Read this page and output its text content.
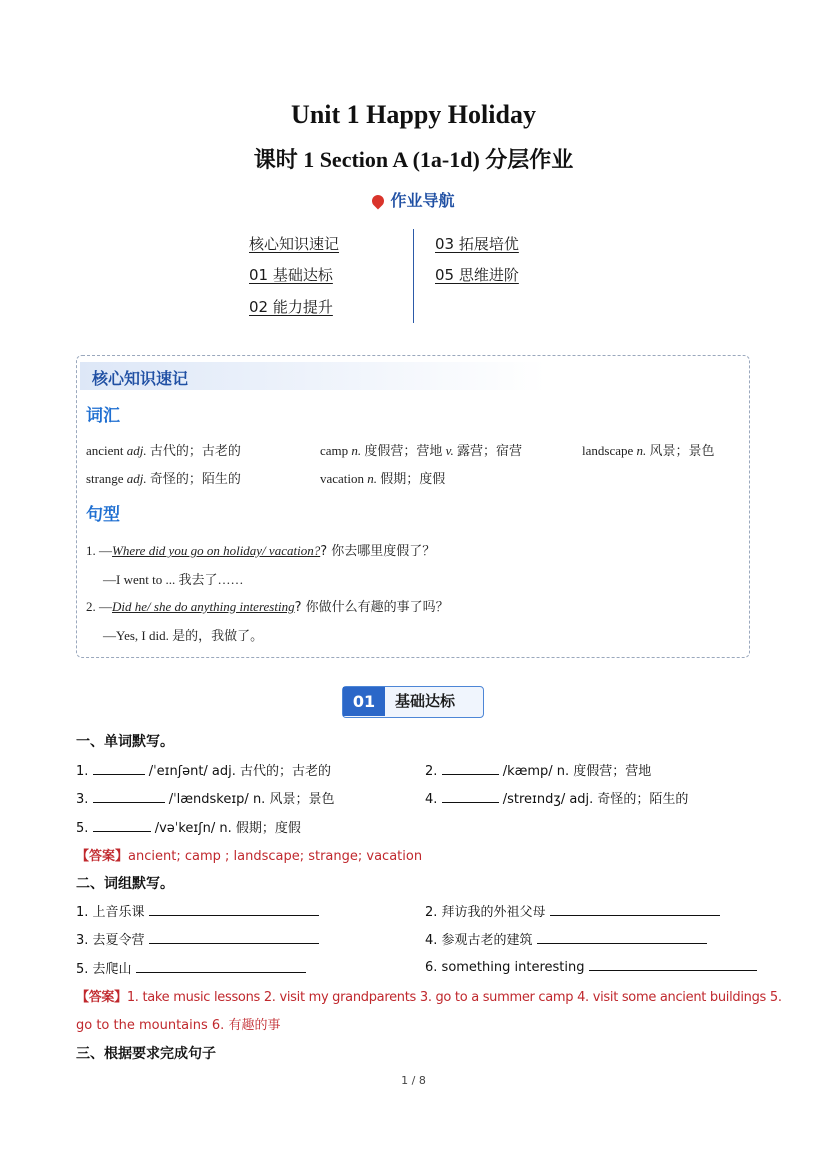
Unit 1 Happy Holiday
课时 1 Section A (1a-1d) 分层作业
作业导航
核心知识速记
01 基础达标
02 能力提升
03 拓展培优
05 思维进阶
核心知识速记
词汇
ancient adj. 古代的；古老的	camp n. 度假营；营地 v. 露营；宿营	landscape n. 风景；景色
strange adj. 奇怪的；陌生的	vacation n. 假期；度假
句型
1. —Where did you go on holiday/ vacation?? 你去哪里度假了？
—I went to ... 我去了……
2. —Did he/ she do anything interesting? 你做什么有趣的事了吗？
—Yes, I did. 是的，我做了。
01	基础达标
一、单词默写。
1.	/ˈeɪnʃənt/ adj. 古代的；古老的	2.	/kæmp/ n. 度假营；营地
3.	/ˈlændskeɪp/ n. 风景；景色	4.	/streɪndʒ/ adj. 奇怪的；陌生的
5.	/vəˈkeɪʃn/ n. 假期；度假
【答案】ancient; camp ; landscape; strange; vacation
二、词组默写。
1. 上音乐课	2. 拜访我的外祖父母
3. 去夏令营	4. 参观古老的建筑
5. 去爬山	6. something interesting
【答案】1. take music lessons 2. visit my grandparents 3. go to a summer camp 4. visit some ancient buildings 5.
go to the mountains 6. 有趣的事
三、根据要求完成句子
1 / 8
